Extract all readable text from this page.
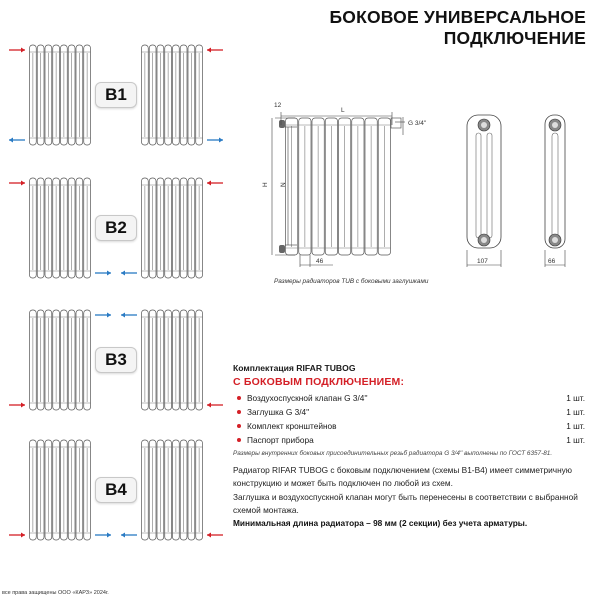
БОКОВОЕ УНИВЕРСАЛЬНОЕ
ПОДКЛЮЧЕНИЕ
B1
B2
B3
B4
12
L
G 3/4''
H N
46	107	66
Размеры радиаторов TUB с боковыми заглушками
Комплектация RIFAR TUBOG
С БОКОВЫМ ПОДКЛЮЧЕНИЕМ:
Воздухоспускной клапан G 3/4''	1 шт.
Заглушка G 3/4''	1 шт.
Комплект кронштейнов	1 шт.
Паспорт прибора	1 шт.
Размеры внутренних боковых присоединительных резьб радиатора G 3/4'' выполнены по ГОСТ 6357-81.

Радиатор RIFAR TUBOG с боковым подключением (схемы B1-B4) имеет симметричную конструкцию и может быть подключен по любой из схем.

Заглушка и воздухоспускной клапан могут быть перенесены в соответствии с выбранной схемой монтажа.

Минимальная длина радиатора – 98 мм (2 секции) без учета арматуры.

все права защищены ООО «КАРЗ» 2024г.
